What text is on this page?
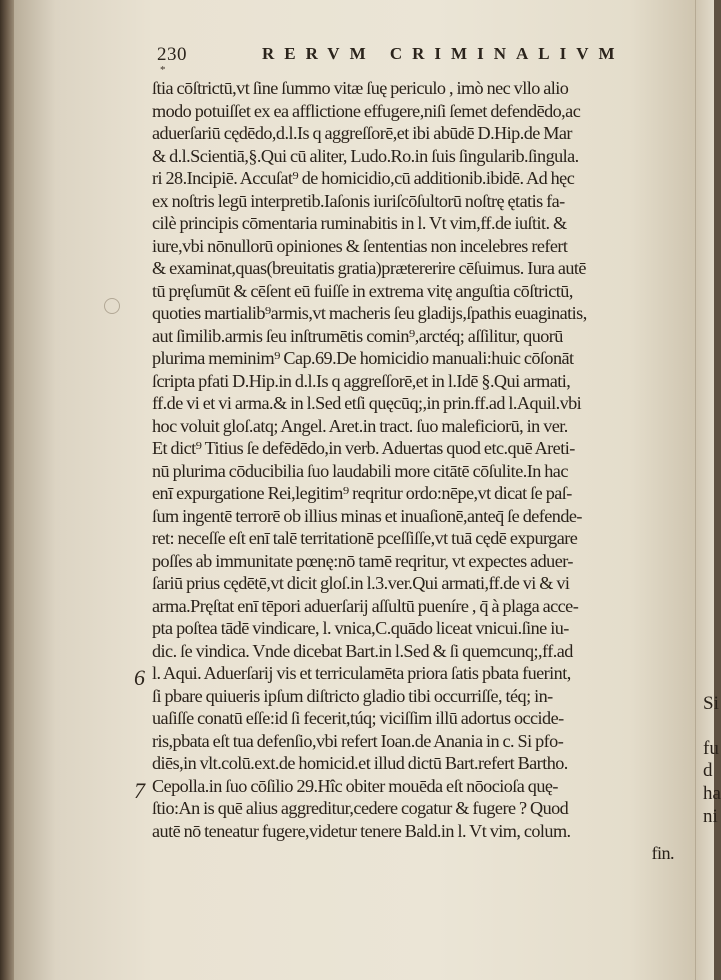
230	RERVM CRIMINALIVM
*
ſtia cōſtrictū,vt ſine ſummo vitæ ſuę periculo , imò nec vllo alio
modo potuiſſet ex ea afflictione effugere,niſi ſemet defendēdo,ac
aduerſariū cędēdo,d.l.Is q aggreſſorē,et ibi abūdē D.Hip.de Mar
& d.l.Scientiā,§.Qui cū aliter, Ludo.Ro.in ſuis ſingularib.ſingula.
ri 28.Incipiē. Accuſat⁹ de homicidio,cū additionib.ibidē. Ad hęc
ex noſtris legū interpretib.Iaſonis iuriſcōſultorū noſtrę ętatis fa-
cilè principis cōmentaria ruminabitis in l. Vt vim,ff.de iuſtit. &
iure,vbi nōnullorū opiniones & ſententias non incelebres refert
& examinat,quas(breuitatis gratia)prætererire cēſuimus. Iura autē
tū pręſumūt & cēſent eū fuiſſe in extrema vitę anguſtia cōſtrictū,
quoties martialib⁹armis,vt macheris ſeu gladijs,ſpathis euaginatis,
aut ſimilib.armis ſeu inſtrumētis comin⁹,arctéq; aſſilitur, quorū
plurima meminim⁹ Cap.69.De homicidio manuali:huic cōſonāt
ſcripta pfati D.Hip.in d.l.Is q aggreſſorē,et in l.Idē §.Qui armati,
ff.de vi et vi arma.& in l.Sed etſi quęcūq;,in prin.ff.ad l.Aquil.vbi
hoc voluit gloſ.atq; Angel. Aret.in tract. ſuo maleficiorū, in ver.
Et dict⁹ Titius ſe defēdēdo,in verb. Aduertas quod etc.quē Areti-
nū plurima cōducibilia ſuo laudabili more citātē cōſulite.In hac
enī expurgatione Rei,legitim⁹ reqritur ordo:nēpe,vt dicat ſe paſ-
ſum ingentē terrorē ob illius minas et inuaſionē,anteq̄ ſe defende-
ret: neceſſe eſt enī talē territationē pceſſiſſe,vt tuā cędē expurgare
poſſes ab immunitate pœnę:nō tamē reqritur, vt expectes aduer-
ſariū prius cędētē,vt dicit gloſ.in l.3.ver.Qui armati,ff.de vi & vi
arma.Pręſtat enī tēpori aduerſarij aſſultū pueníre , q̄ à plaga acce-
pta poſtea tādē vindicare, l. vnica,C.quādo liceat vnicui.ſine iu-
dic. ſe vindica. Vnde dicebat Bart.in l.Sed & ſi quemcunq;,ff.ad
l. Aqui. Aduerſarij vis et terriculamēta priora ſatis pbata fuerint,
ſi pbare quiueris ipſum diſtricto gladio tibi occurriſſe, téq; in-
uaſiſſe conatū eſſe:id ſi fecerit,túq; viciſſim illū adortus occide-
ris,pbata eſt tua defenſio,vbi refert Ioan.de Anania in c. Si pfo-
diēs,in vlt.colū.ext.de homicid.et illud dictū Bart.refert Bartho.
Cepolla.in ſuo cōſilio 29.Hîc obiter mouēda eſt nōocioſa quę-
ſtio:An is quē alius aggreditur,cedere cogatur & fugere ? Quod
autē nō teneatur fugere,videtur tenere Bald.in l. Vt vim, colum.
fin.
6
7
Si
fu
d
ha
ni
